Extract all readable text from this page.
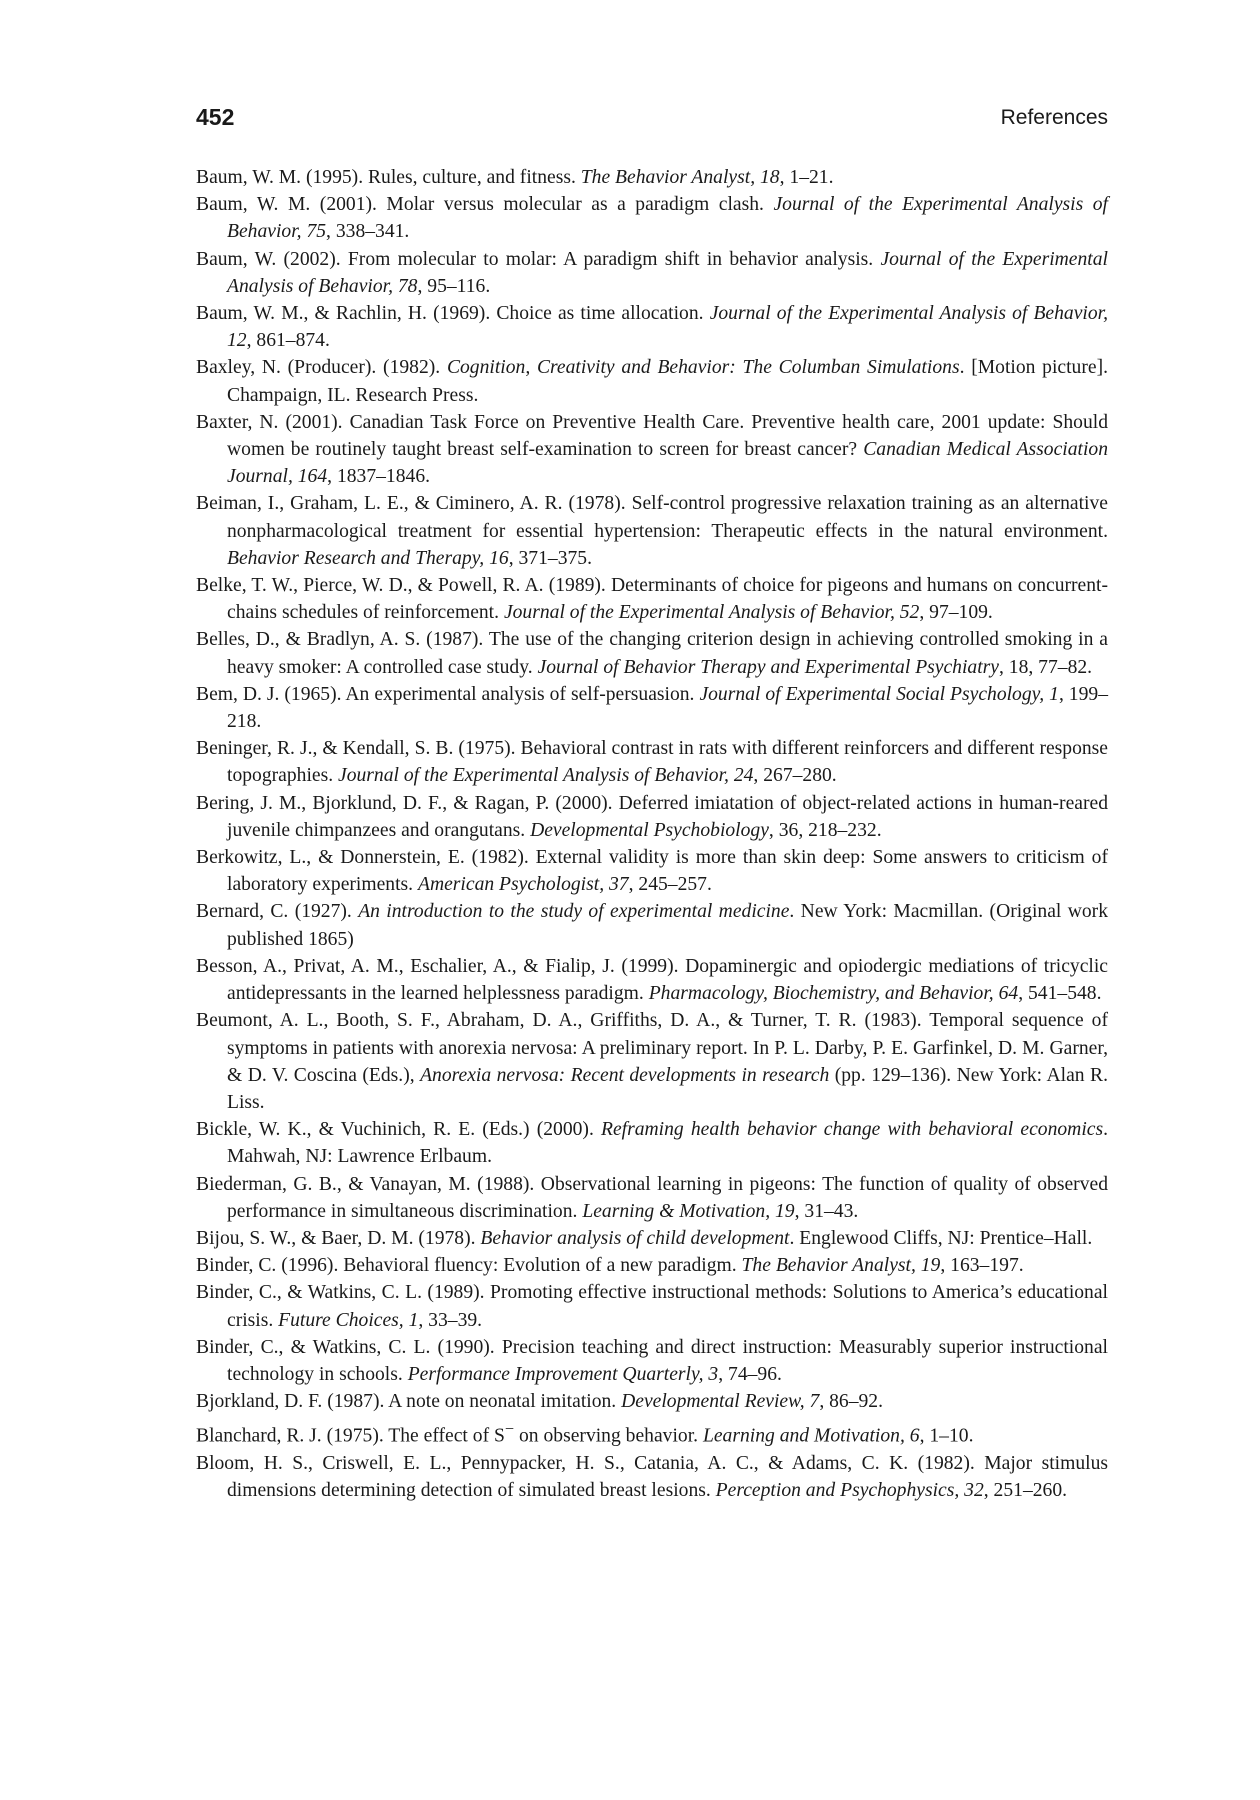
452	References

Baum, W. M. (1995). Rules, culture, and fitness. The Behavior Analyst, 18, 1–21.

Baum, W. M. (2001). Molar versus molecular as a paradigm clash. Journal of the Experimental Analysis of Behavior, 75, 338–341.

Baum, W. (2002). From molecular to molar: A paradigm shift in behavior analysis. Journal of the Experimental Analysis of Behavior, 78, 95–116.

Baum, W. M., & Rachlin, H. (1969). Choice as time allocation. Journal of the Experimental Analysis of Behavior, 12, 861–874.

Baxley, N. (Producer). (1982). Cognition, Creativity and Behavior: The Columban Simulations. [Motion picture]. Champaign, IL. Research Press.

Baxter, N. (2001). Canadian Task Force on Preventive Health Care. Preventive health care, 2001 update: Should women be routinely taught breast self-examination to screen for breast cancer? Canadian Medical Association Journal, 164, 1837–1846.

Beiman, I., Graham, L. E., & Ciminero, A. R. (1978). Self-control progressive relaxation training as an alternative nonpharmacological treatment for essential hypertension: Therapeutic effects in the natural environment. Behavior Research and Therapy, 16, 371–375.

Belke, T. W., Pierce, W. D., & Powell, R. A. (1989). Determinants of choice for pigeons and humans on concurrent-chains schedules of reinforcement. Journal of the Experimental Analysis of Behavior, 52, 97–109.

Belles, D., & Bradlyn, A. S. (1987). The use of the changing criterion design in achieving controlled smoking in a heavy smoker: A controlled case study. Journal of Behavior Therapy and Experimental Psychiatry, 18, 77–82.

Bem, D. J. (1965). An experimental analysis of self-persuasion. Journal of Experimental Social Psychology, 1, 199–218.

Beninger, R. J., & Kendall, S. B. (1975). Behavioral contrast in rats with different reinforcers and different response topographies. Journal of the Experimental Analysis of Behavior, 24, 267–280.

Bering, J. M., Bjorklund, D. F., & Ragan, P. (2000). Deferred imiatation of object-related actions in human-reared juvenile chimpanzees and orangutans. Developmental Psychobiology, 36, 218–232.

Berkowitz, L., & Donnerstein, E. (1982). External validity is more than skin deep: Some answers to criticism of laboratory experiments. American Psychologist, 37, 245–257.

Bernard, C. (1927). An introduction to the study of experimental medicine. New York: Macmillan. (Original work published 1865)

Besson, A., Privat, A. M., Eschalier, A., & Fialip, J. (1999). Dopaminergic and opiodergic mediations of tricyclic antidepressants in the learned helplessness paradigm. Pharmacology, Biochemistry, and Behavior, 64, 541–548.

Beumont, A. L., Booth, S. F., Abraham, D. A., Griffiths, D. A., & Turner, T. R. (1983). Temporal sequence of symptoms in patients with anorexia nervosa: A preliminary report. In P. L. Darby, P. E. Garfinkel, D. M. Garner, & D. V. Coscina (Eds.), Anorexia nervosa: Recent developments in research (pp. 129–136). New York: Alan R. Liss.

Bickle, W. K., & Vuchinich, R. E. (Eds.) (2000). Reframing health behavior change with behavioral economics. Mahwah, NJ: Lawrence Erlbaum.

Biederman, G. B., & Vanayan, M. (1988). Observational learning in pigeons: The function of quality of observed performance in simultaneous discrimination. Learning & Motivation, 19, 31–43.

Bijou, S. W., & Baer, D. M. (1978). Behavior analysis of child development. Englewood Cliffs, NJ: Prentice–Hall.

Binder, C. (1996). Behavioral fluency: Evolution of a new paradigm. The Behavior Analyst, 19, 163–197.

Binder, C., & Watkins, C. L. (1989). Promoting effective instructional methods: Solutions to America’s educational crisis. Future Choices, 1, 33–39.

Binder, C., & Watkins, C. L. (1990). Precision teaching and direct instruction: Measurably superior instructional technology in schools. Performance Improvement Quarterly, 3, 74–96.

Bjorkland, D. F. (1987). A note on neonatal imitation. Developmental Review, 7, 86–92.

Blanchard, R. J. (1975). The effect of S− on observing behavior. Learning and Motivation, 6, 1–10.

Bloom, H. S., Criswell, E. L., Pennypacker, H. S., Catania, A. C., & Adams, C. K. (1982). Major stimulus dimensions determining detection of simulated breast lesions. Perception and Psychophysics, 32, 251–260.
